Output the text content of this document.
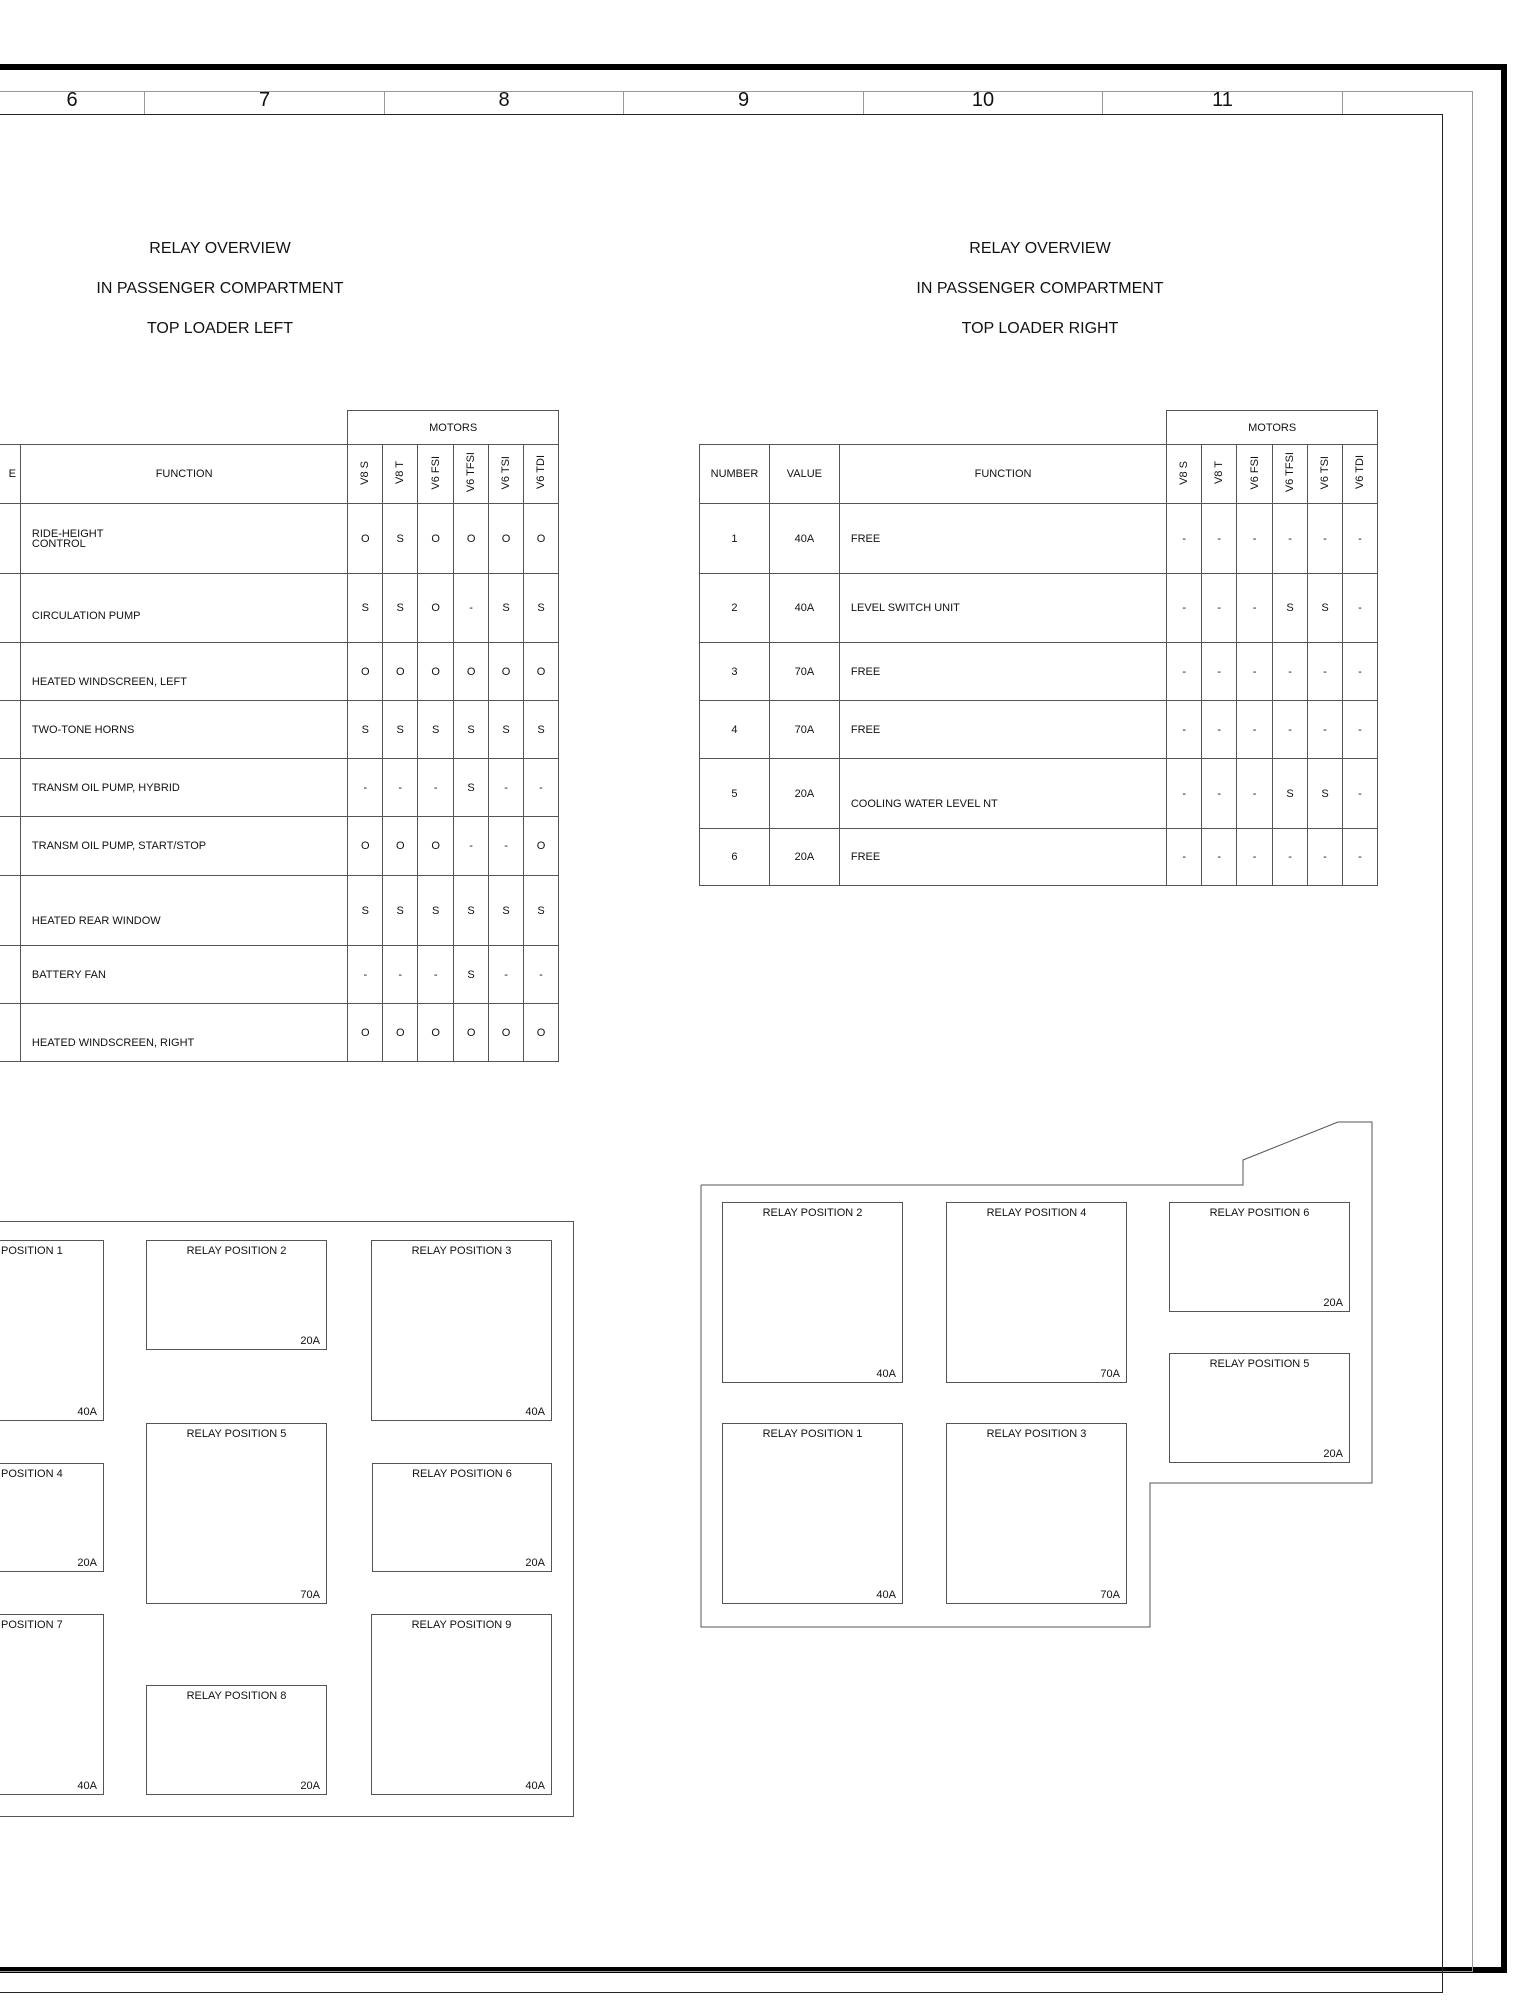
6	7	8	9	10	11
RELAY OVERVIEW
IN PASSENGER COMPARTMENT
TOP LOADER LEFT
RELAY OVERVIEW
IN PASSENGER COMPARTMENT
TOP LOADER RIGHT
		MOTORS					
E	FUNCTION	V8 S	V8 T	V6 FSI	V6 TFSI	V6 TSI	V6 TDI
	RIDE-HEIGHT
CONTROL	O	S	O	O	O	O
	CIRCULATION PUMP	S	S	O	-	S	S
	HEATED WINDSCREEN, LEFT	O	O	O	O	O	O
	TWO-TONE HORNS	S	S	S	S	S	S
	TRANSM OIL PUMP, HYBRID	-	-	-	S	-	-
	TRANSM OIL PUMP, START/STOP	O	O	O	-	-	O
	HEATED REAR WINDOW	S	S	S	S	S	S
	BATTERY FAN	-	-	-	S	-	-
	HEATED WINDSCREEN, RIGHT	O	O	O	O	O	O
			MOTORS					
NUMBER	VALUE	FUNCTION	V8 S	V8 T	V6 FSI	V6 TFSI	V6 TSI	V6 TDI
1	40A	FREE	-	-	-	-	-	-
2	40A	LEVEL SWITCH UNIT	-	-	-	S	S	-
3	70A	FREE	-	-	-	-	-	-
4	70A	FREE	-	-	-	-	-	-
5	20A	COOLING WATER LEVEL NT	-	-	-	S	S	-
6	20A	FREE	-	-	-	-	-	-
POSITION 1
40A
RELAY POSITION 2
20A
RELAY POSITION 3
40A
POSITION 4
20A
RELAY POSITION 5
70A
RELAY POSITION 6
20A
POSITION 7
40A
RELAY POSITION 8
20A
RELAY POSITION 9
40A
RELAY POSITION 2
40A
RELAY POSITION 4
70A
RELAY POSITION 6
20A
RELAY POSITION 5
20A
RELAY POSITION 1
40A
RELAY POSITION 3
70A
